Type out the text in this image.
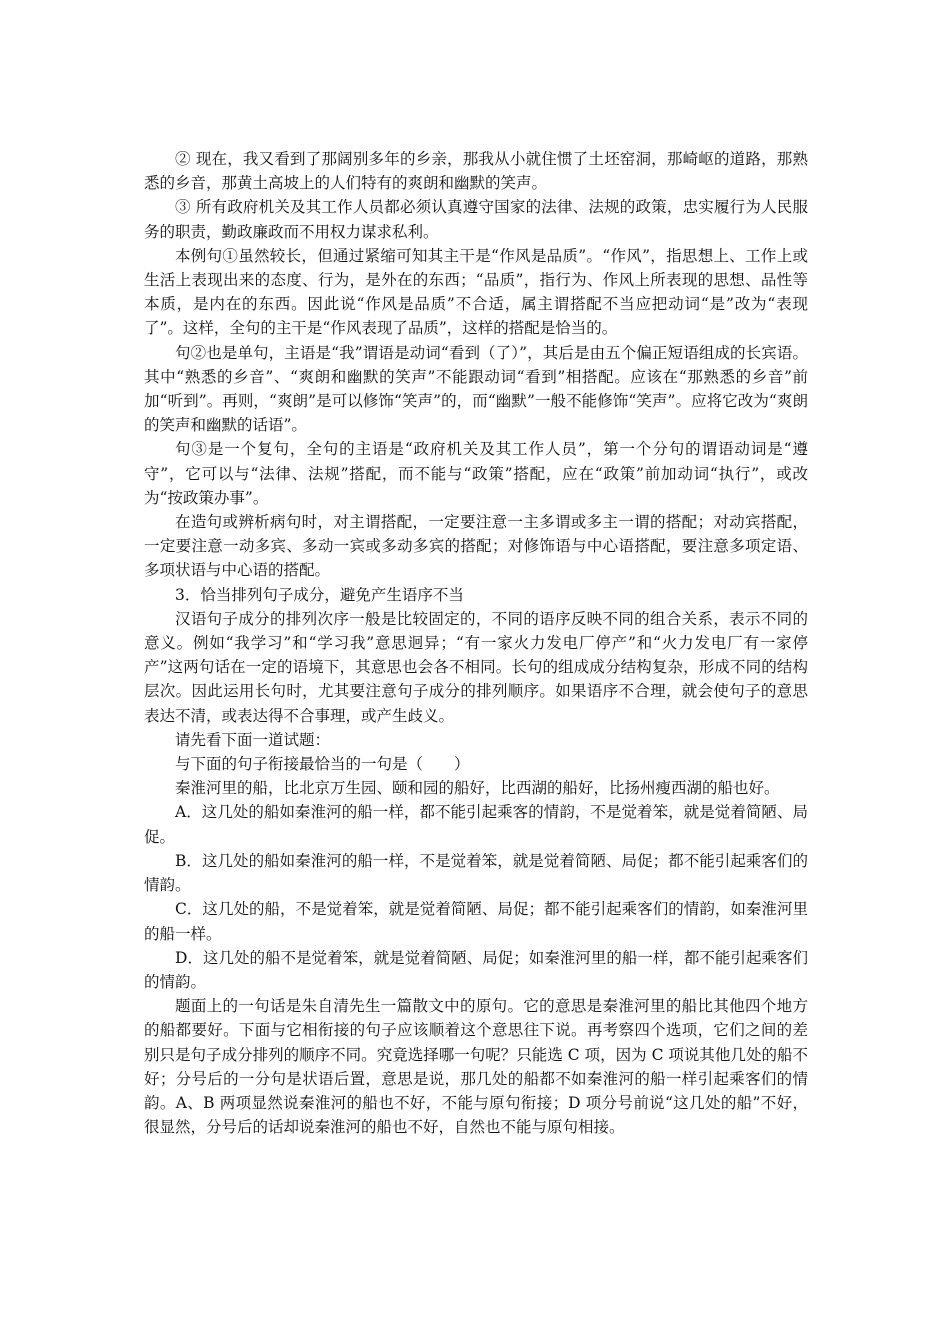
② 现在，我又看到了那阔别多年的乡亲，那我从小就住惯了土坯窑洞，那崎岖的道路，那熟悉的乡音，那黄土高坡上的人们特有的爽朗和幽默的笑声。

③ 所有政府机关及其工作人员都必须认真遵守国家的法律、法规的政策，忠实履行为人民服务的职责，勤政廉政而不用权力谋求私利。

本例句①虽然较长，但通过紧缩可知其主干是“作风是品质”。“作风”，指思想上、工作上或生活上表现出来的态度、行为，是外在的东西；“品质”，指行为、作风上所表现的思想、品性等本质，是内在的东西。因此说“作风是品质”不合适，属主谓搭配不当应把动词“是”改为“表现了”。这样，全句的主干是“作风表现了品质”，这样的搭配是恰当的。

句②也是单句，主语是“我”谓语是动词“看到（了）”，其后是由五个偏正短语组成的长宾语。其中“熟悉的乡音”、“爽朗和幽默的笑声”不能跟动词“看到”相搭配。应该在“那熟悉的乡音”前加“听到”。再则，“爽朗”是可以修饰“笑声”的，而“幽默”一般不能修饰“笑声”。应将它改为“爽朗的笑声和幽默的话语”。

句③是一个复句，全句的主语是“政府机关及其工作人员”，第一个分句的谓语动词是“遵守”，它可以与“法律、法规”搭配，而不能与“政策”搭配，应在“政策”前加动词“执行”，或改为“按政策办事”。

在造句或辨析病句时，对主谓搭配，一定要注意一主多谓或多主一谓的搭配；对动宾搭配，一定要注意一动多宾、多动一宾或多动多宾的搭配；对修饰语与中心语搭配，要注意多项定语、多项状语与中心语的搭配。

3．恰当排列句子成分，避免产生语序不当

汉语句子成分的排列次序一般是比较固定的，不同的语序反映不同的组合关系，表示不同的意义。例如“我学习”和“学习我”意思迥异；“有一家火力发电厂停产”和“火力发电厂有一家停产”这两句话在一定的语境下，其意思也会各不相同。长句的组成成分结构复杂，形成不同的结构层次。因此运用长句时，尤其要注意句子成分的排列顺序。如果语序不合理，就会使句子的意思表达不清，或表达得不合事理，或产生歧义。

请先看下面一道试题：

与下面的句子衔接最恰当的一句是（　　）

秦淮河里的船，比北京万生园、颐和园的船好，比西湖的船好，比扬州瘦西湖的船也好。

A．这几处的船如秦淮河的船一样，都不能引起乘客的情韵，不是觉着笨，就是觉着简陋、局促。

B．这几处的船如秦淮河的船一样，不是觉着笨，就是觉着简陋、局促；都不能引起乘客们的情韵。

C．这几处的船，不是觉着笨，就是觉着简陋、局促；都不能引起乘客们的情韵，如秦淮河里的船一样。

D．这几处的船不是觉着笨，就是觉着简陋、局促；如秦淮河里的船一样，都不能引起乘客们的情韵。

题面上的一句话是朱自清先生一篇散文中的原句。它的意思是秦淮河里的船比其他四个地方的船都要好。下面与它相衔接的句子应该顺着这个意思往下说。再考察四个选项，它们之间的差别只是句子成分排列的顺序不同。究竟选择哪一句呢？只能选 C 项，因为 C 项说其他几处的船不好；分号后的一分句是状语后置，意思是说，那几处的船都不如秦淮河的船一样引起乘客们的情韵。A、B 两项显然说秦淮河的船也不好，不能与原句衔接；D 项分号前说“这几处的船”不好，很显然，分号后的话却说秦淮河的船也不好，自然也不能与原句相接。
